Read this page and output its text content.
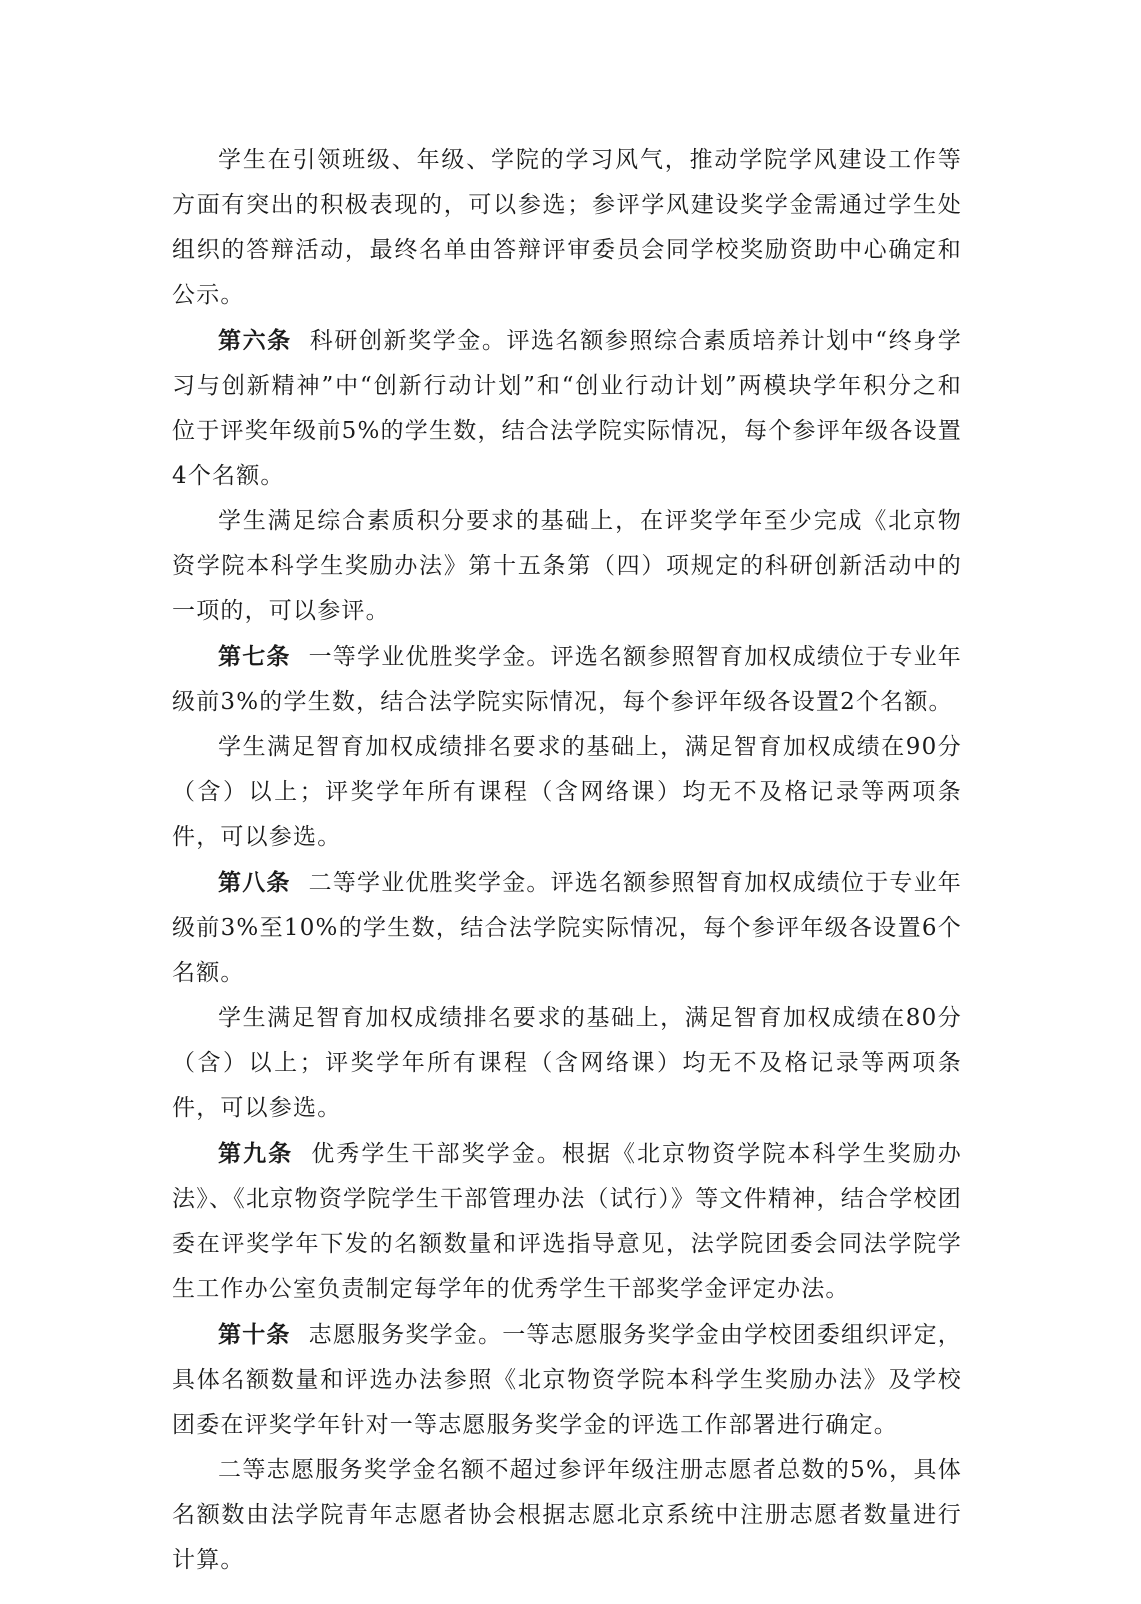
学生在引领班级、年级、学院的学习风气，推动学院学风建设工作等方面有突出的积极表现的，可以参选；参评学风建设奖学金需通过学生处组织的答辩活动，最终名单由答辩评审委员会同学校奖励资助中心确定和公示。

第六条 科研创新奖学金。评选名额参照综合素质培养计划中“终身学习与创新精神”中“创新行动计划”和“创业行动计划”两模块学年积分之和位于评奖年级前5%的学生数，结合法学院实际情况，每个参评年级各设置4个名额。

学生满足综合素质积分要求的基础上，在评奖学年至少完成《北京物资学院本科学生奖励办法》第十五条第（四）项规定的科研创新活动中的一项的，可以参评。

第七条 一等学业优胜奖学金。评选名额参照智育加权成绩位于专业年级前3%的学生数，结合法学院实际情况，每个参评年级各设置2个名额。

学生满足智育加权成绩排名要求的基础上，满足智育加权成绩在90分（含）以上；评奖学年所有课程（含网络课）均无不及格记录等两项条件，可以参选。

第八条 二等学业优胜奖学金。评选名额参照智育加权成绩位于专业年级前3%至10%的学生数，结合法学院实际情况，每个参评年级各设置6个名额。

学生满足智育加权成绩排名要求的基础上，满足智育加权成绩在80分（含）以上；评奖学年所有课程（含网络课）均无不及格记录等两项条件，可以参选。

第九条 优秀学生干部奖学金。根据《北京物资学院本科学生奖励办法》、《北京物资学院学生干部管理办法（试行）》等文件精神，结合学校团委在评奖学年下发的名额数量和评选指导意见，法学院团委会同法学院学生工作办公室负责制定每学年的优秀学生干部奖学金评定办法。

第十条 志愿服务奖学金。一等志愿服务奖学金由学校团委组织评定，具体名额数量和评选办法参照《北京物资学院本科学生奖励办法》及学校团委在评奖学年针对一等志愿服务奖学金的评选工作部署进行确定。

二等志愿服务奖学金名额不超过参评年级注册志愿者总数的5%，具体名额数由法学院青年志愿者协会根据志愿北京系统中注册志愿者数量进行计算。
